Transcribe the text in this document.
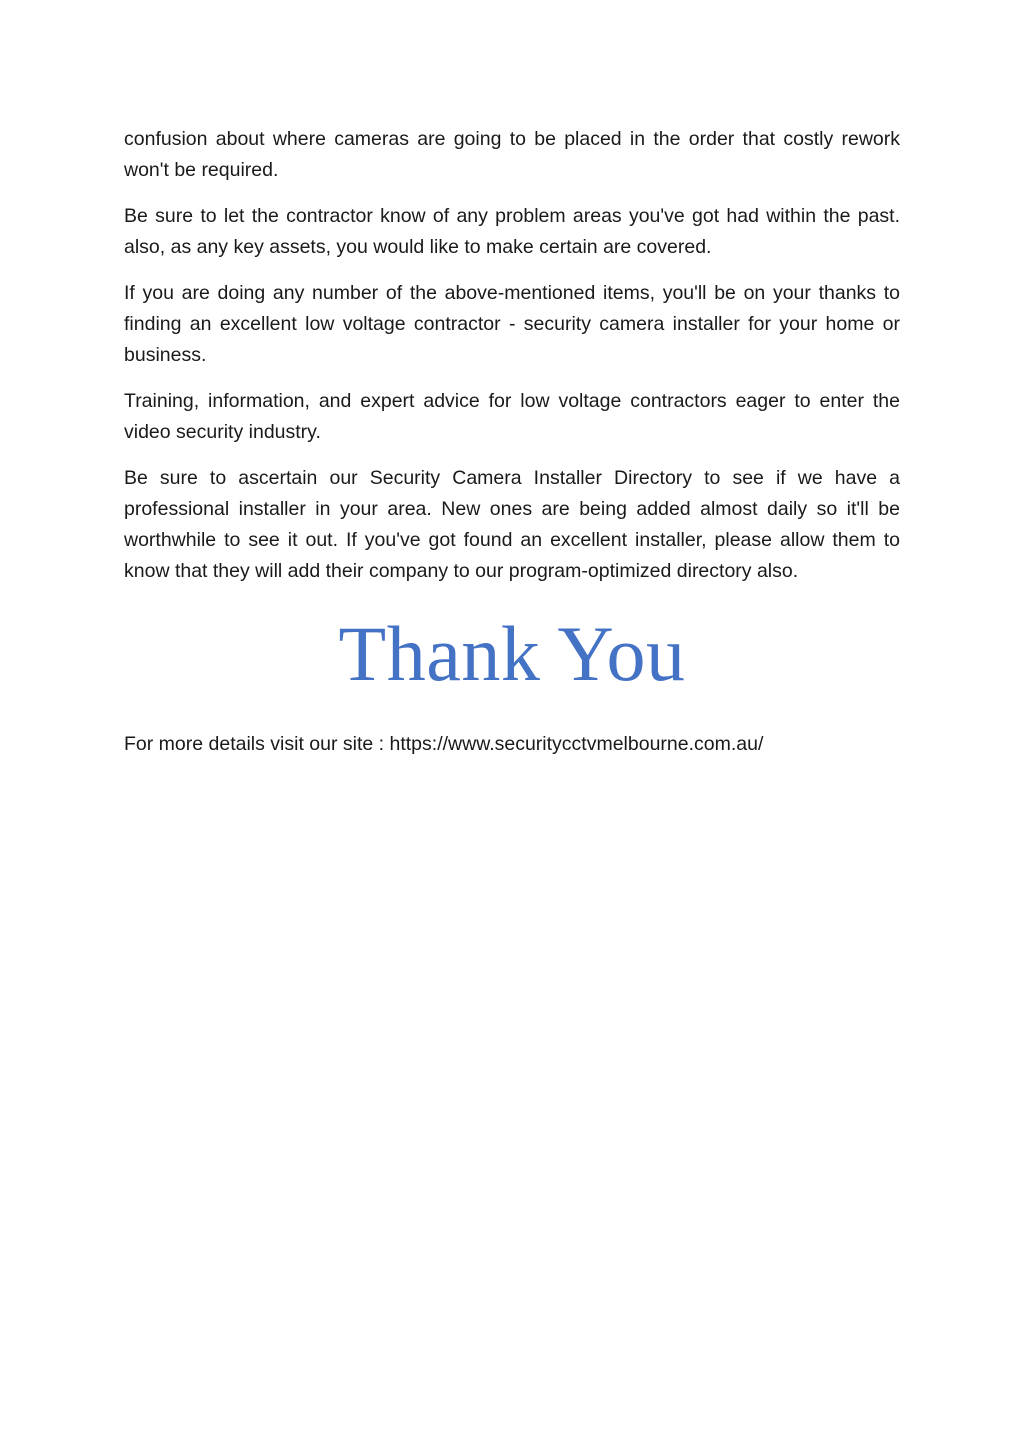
confusion about where cameras are going to be placed in the order that costly rework won't be required.

Be sure to let the contractor know of any problem areas you've got had within the past. also, as any key assets, you would like to make certain are covered.

If you are doing any number of the above-mentioned items, you'll be on your thanks to finding an excellent low voltage contractor - security camera installer for your home or business.

Training, information, and expert advice for low voltage contractors eager to enter the video security industry.

Be sure to ascertain our Security Camera Installer Directory to see if we have a professional installer in your area. New ones are being added almost daily so it'll be worthwhile to see it out. If you've got found an excellent installer, please allow them to know that they will add their company to our program-optimized directory also.

Thank You

For more details visit our site : https://www.securitycctvmelbourne.com.au/
